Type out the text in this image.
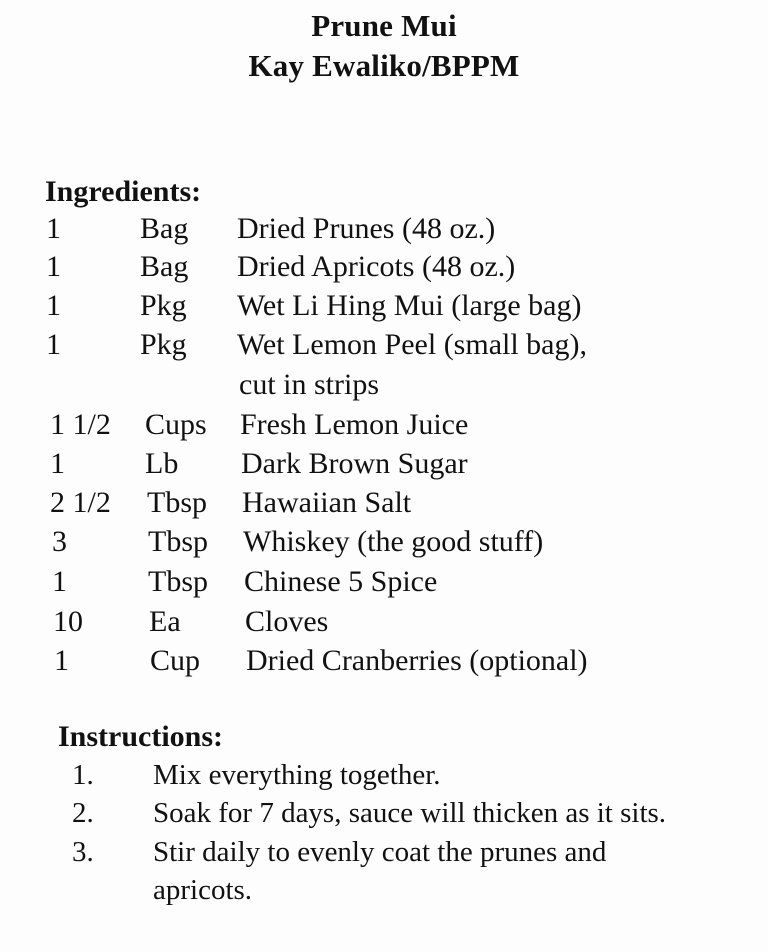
Prune Mui
Kay Ewaliko/BPPM
Ingredients:
1	Bag Dried Prunes (48 oz.)
1	Bag Dried Apricots (48 oz.)
1	Pkg Wet Li Hing Mui (large bag)
1	Pkg Wet Lemon Peel (small bag),
cut in strips
1 1/2 Cups Fresh Lemon Juice
1	Lb Dark Brown Sugar
2 1/2 Tbsp Hawaiian Salt
3	Tbsp Whiskey (the good stuff)
1	Tbsp Chinese 5 Spice
10 Ea Cloves
1	Cup Dried Cranberries (optional)
Instructions:
1. Mix everything together.
2. Soak for 7 days, sauce will thicken as it sits.
3. Stir daily to evenly coat the prunes and
apricots.
